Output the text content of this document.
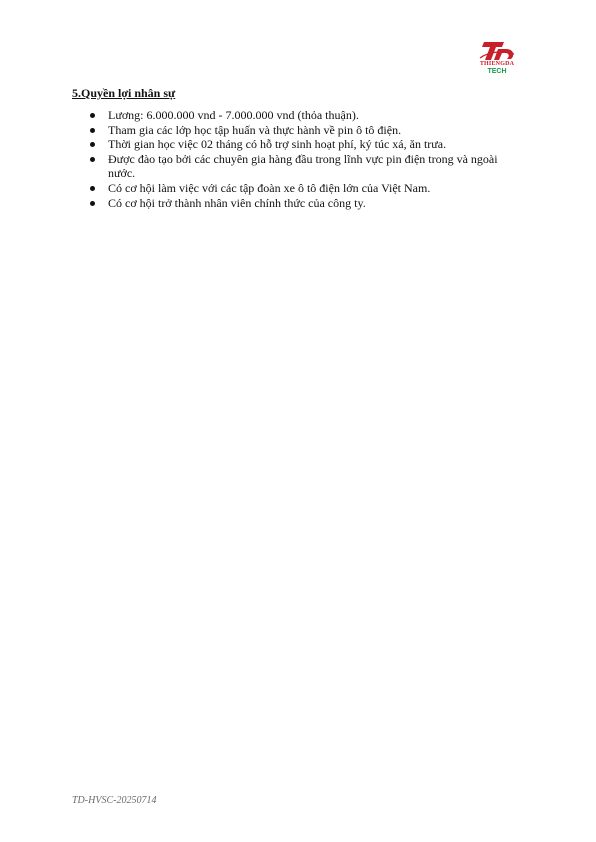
THIENGDA
TECH
5.Quyền lợi nhân sự
Lương: 6.000.000 vnd - 7.000.000 vnd (thỏa thuận).
Tham gia các lớp học tập huấn và thực hành về pin ô tô điện.
Thời gian học việc 02 tháng có hỗ trợ sinh hoạt phí, ký túc xá, ăn trưa.
Được đào tạo bởi các chuyên gia hàng đầu trong lĩnh vực pin điện trong và ngoài nước.
Có cơ hội làm việc với các tập đoàn xe ô tô điện lớn của Việt Nam.
Có cơ hội trở thành nhân viên chính thức của công ty.
TD-HVSC-20250714
